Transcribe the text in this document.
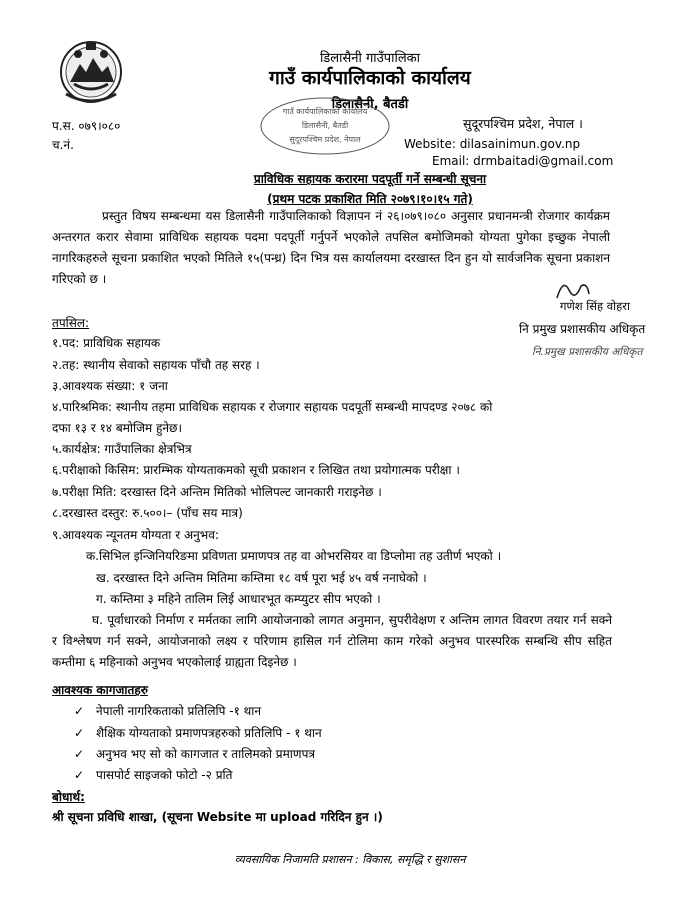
डिलासैनी गाउँपालिका
गाउँ कार्यपालिकाको कार्यालय
डिलासैनी, बैतडी
गाउँ कार्यपालिकाको कार्यालय
डिलासैनी, बैतडी
सुदूरपश्चिम प्रदेश, नेपाल
प.स. ०७९।०८०
च.नं.
सुदूरपश्चिम प्रदेश, नेपाल ।
Website: dilasainimun.gov.np
Email: drmbaitadi@gmail.com
प्राविधिक सहायक करारमा पदपूर्ती गर्ने सम्बन्धी सूचना
(प्रथम पटक प्रकाशित मिति २०७९।१०।१५ गते)
प्रस्तुत विषय सम्बन्धमा यस डिलासैनी गाउँपालिकाको विज्ञापन नं २६।०७९।०८० अनुसार प्रधानमन्त्री रोजगार कार्यक्रम अन्तरगत करार सेवामा प्राविधिक सहायक पदमा पदपूर्ती गर्नुपर्ने भएकोले तपसिल बमोजिमको योग्यता पुगेका इच्छुक नेपाली नागरिकहरुले सूचना प्रकाशित भएको मितिले १५(पन्ध्र) दिन भित्र यस कार्यालयमा दरखास्त दिन हुन यो सार्वजनिक सूचना प्रकाशन गरिएको छ ।
गणेश सिंह वोहरा
नि प्रमुख प्रशासकीय अधिकृत
नि.प्रमुख प्रशासकीय अधिकृत
तपसिल:
१.पद: प्राविधिक सहायक
२.तह: स्थानीय सेवाको सहायक पाँचौ तह सरह ।
३.आवश्यक संख्या: १ जना
४.पारिश्रमिक: स्थानीय तहमा प्राविधिक सहायक र रोजगार सहायक पदपूर्ती सम्बन्धी मापदण्ड २०७८ को
दफा १३ र १४ बमोजिम हुनेछ।
५.कार्यक्षेत्र: गाउँपालिका क्षेत्रभित्र
६.परीक्षाको किसिम: प्रारम्भिक योग्यताकमको सूची प्रकाशन र लिखित तथा प्रयोगात्मक परीक्षा ।
७.परीक्षा मिति: दरखास्त दिने अन्तिम मितिको भोलिपल्ट जानकारी गराइनेछ ।
८.दरखास्त दस्तुर: रु.५००।– (पाँच सय मात्र)
९.आवश्यक न्यूनतम योग्यता र अनुभव:
क.सिभिल इन्जिनियरिङमा प्रविणता प्रमाणपत्र तह वा ओभरसियर वा डिप्लोमा तह उतीर्ण भएको ।
ख. दरखास्त दिने अन्तिम मितिमा कम्तिमा १८ वर्ष पूरा भई ४५ वर्ष ननाघेको ।
ग. कम्तिमा ३ महिने तालिम लिई आधारभूत कम्प्युटर सीप भएको ।
घ. पूर्वाधारको निर्माण र मर्मतका लागि आयोजनाको लागत अनुमान, सुपरीवेक्षण र अन्तिम लागत विवरण तयार गर्न सक्ने र विश्लेषण गर्न सक्ने, आयोजनाको लक्ष्य र परिणाम हासिल गर्न टोलिमा काम गरेको अनुभव पारस्परिक सम्बन्धि सीप सहित कम्तीमा ६ महिनाको अनुभव भएकोलाई ग्राह्यता दिइनेछ ।
आवश्यक कागजातहरु
✓ नेपाली नागरिकताको प्रतिलिपि -१ थान
✓ शैक्षिक योग्यताको प्रमाणपत्रहरुको प्रतिलिपि - १ थान
✓ अनुभव भए सो को कागजात र तालिमको प्रमाणपत्र
✓ पासपोर्ट साइजको फोटो -२ प्रति
बोधार्थ:
श्री सूचना प्रविधि शाखा, (सूचना Website मा upload गरिदिन हुन ।)
व्यवसायिक निजामति प्रशासन : विकास, समृद्धि र सुशासन
